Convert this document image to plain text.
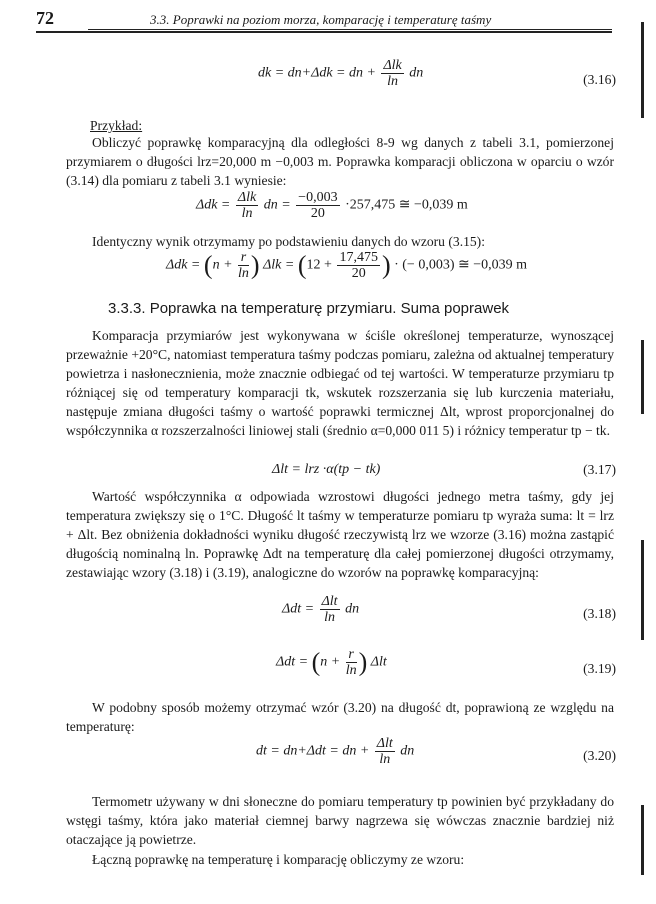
72	3.3. Poprawki na poziom morza, komparację i temperaturę taśmy
dk = dn+Δdk = dn + $\frac{\text{Δlk}}{\ln}$ dn	(3.16)
Przykład:

Obliczyć poprawkę komparacyjną dla odległości 8-9 wg danych z tabeli 3.1, pomierzonej przymiarem o długości lrz=20,000 m −0,003 m. Poprawka komparacji obliczona w oparciu o wzór (3.14) dla pomiaru z tabeli 3.1 wyniesie:

$\Delta dk = \frac{\text{Δlk}}{\ln}$ dn = $\frac{-0,003}{20} \cdot 257,475$ ≅ −0,039 m

Identyczny wynik otrzymamy po podstawieniu danych do wzoru (3.15):

$\Delta dk = (n + \frac{r}{\ln}$ ) $\Delta lk = (12 + \frac{17,475}{20}$ ) · (− 0,003) ≅ −0,039 m
3.3.3. Poprawka na temperaturę przymiaru. Suma poprawek

Komparacja przymiarów jest wykonywana w ściśle określonej temperaturze, wynoszącej przeważnie +20°C, natomiast temperatura taśmy podczas pomiaru, zależna od aktualnej temperatury powietrza i nasłonecznienia, może znacznie odbiegać od tej wartości. W temperaturze przymiaru tp różniącej się od temperatury komparacji tk, wskutek rozszerzania się lub kurczenia materiału, następuje zmiana długości taśmy o wartość poprawki termicznej Δlt, wprost proporcjonalnej do współczynnika α rozszerzalności liniowej stali (średnio α=0,000 011 5) i różnicy temperatur tp − tk.

Δlt = lrz ·α(tp − tk)	(3.17)

Wartość współczynnika α odpowiada wzrostowi długości jednego metra taśmy, gdy jej temperatura zwiększy się o 1°C. Długość lt taśmy w temperaturze pomiaru tp wyraża suma: lt = lrz + Δlt. Bez obniżenia dokładności wyniku długość rzeczywistą lrz we wzorze (3.16) można zastąpić długością nominalną ln. Poprawkę Δdt na temperaturę dla całej pomierzonej długości otrzymamy, zestawiając wzory (3.18) i (3.19), analogiczne do wzorów na poprawkę komparacyjną:

$\Delta dt = \frac{\text{Δlt}}{\ln}$ dn	(3.18)
$\Delta dt = (n + \frac{r}{\ln}$ ) Δlt	(3.19)

W podobny sposób możemy otrzymać wzór (3.20) na długość dt, poprawioną ze względu na temperaturę:

dt = dn+Δdt = dn + $\frac{\text{Δlt}}{\ln}$ dn	(3.20)

Termometr używany w dni słoneczne do pomiaru temperatury tp powinien być przykładany do wstęgi taśmy, która jako materiał ciemnej barwy nagrzewa się wówczas znacznie bardziej niż otaczające ją powietrze.

Łączną poprawkę na temperaturę i komparację obliczymy ze wzoru:
